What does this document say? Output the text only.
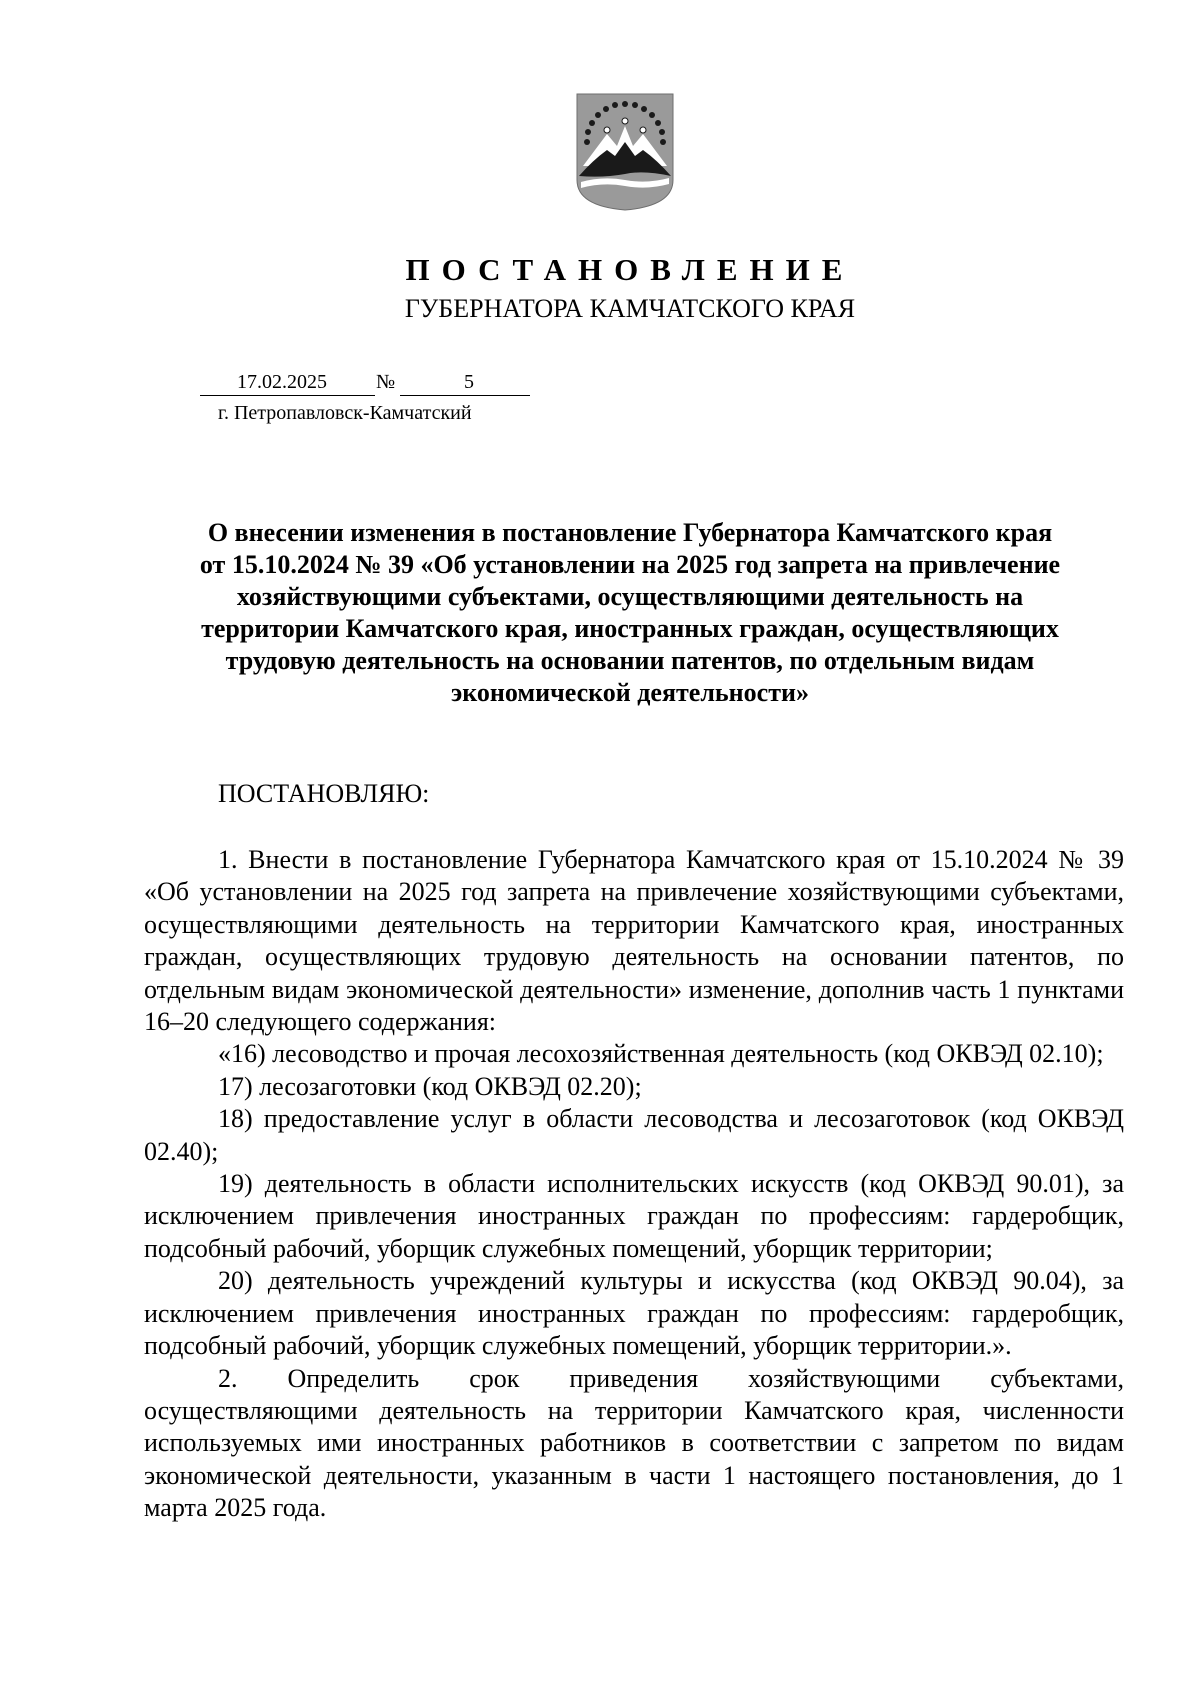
ПОСТАНОВЛЕНИЕ
ГУБЕРНАТОРА КАМЧАТСКОГО КРАЯ
17.02.2025 №	5
г. Петропавловск-Камчатский
О внесении изменения в постановление Губернатора Камчатского края
от 15.10.2024 № 39 «Об установлении на 2025 год запрета на привлечение
хозяйствующими субъектами, осуществляющими деятельность на
территории Камчатского края, иностранных граждан, осуществляющих
трудовую деятельность на основании патентов, по отдельным видам
экономической деятельности»
ПОСТАНОВЛЯЮ:

1. Внести в постановление Губернатора Камчатского края от 15.10.2024 № 39 «Об установлении на 2025 год запрета на привлечение хозяйствующими субъектами, осуществляющими деятельность на территории Камчатского края, иностранных граждан, осуществляющих трудовую деятельность на основании патентов, по отдельным видам экономической деятельности» изменение, дополнив часть 1 пунктами 16–20 следующего содержания:

«16) лесоводство и прочая лесохозяйственная деятельность (код ОКВЭД 02.10);

17) лесозаготовки (код ОКВЭД 02.20);

18) предоставление услуг в области лесоводства и лесозаготовок (код ОКВЭД 02.40);

19) деятельность в области исполнительских искусств (код ОКВЭД 90.01), за исключением привлечения иностранных граждан по профессиям: гардеробщик, подсобный рабочий, уборщик служебных помещений, уборщик территории;

20) деятельность учреждений культуры и искусства (код ОКВЭД 90.04), за исключением привлечения иностранных граждан по профессиям: гардеробщик, подсобный рабочий, уборщик служебных помещений, уборщик территории.».

2. Определить срок приведения хозяйствующими субъектами, осуществляющими деятельность на территории Камчатского края, численности используемых ими иностранных работников в соответствии с запретом по видам экономической деятельности, указанным в части 1 настоящего постановления, до 1 марта 2025 года.
